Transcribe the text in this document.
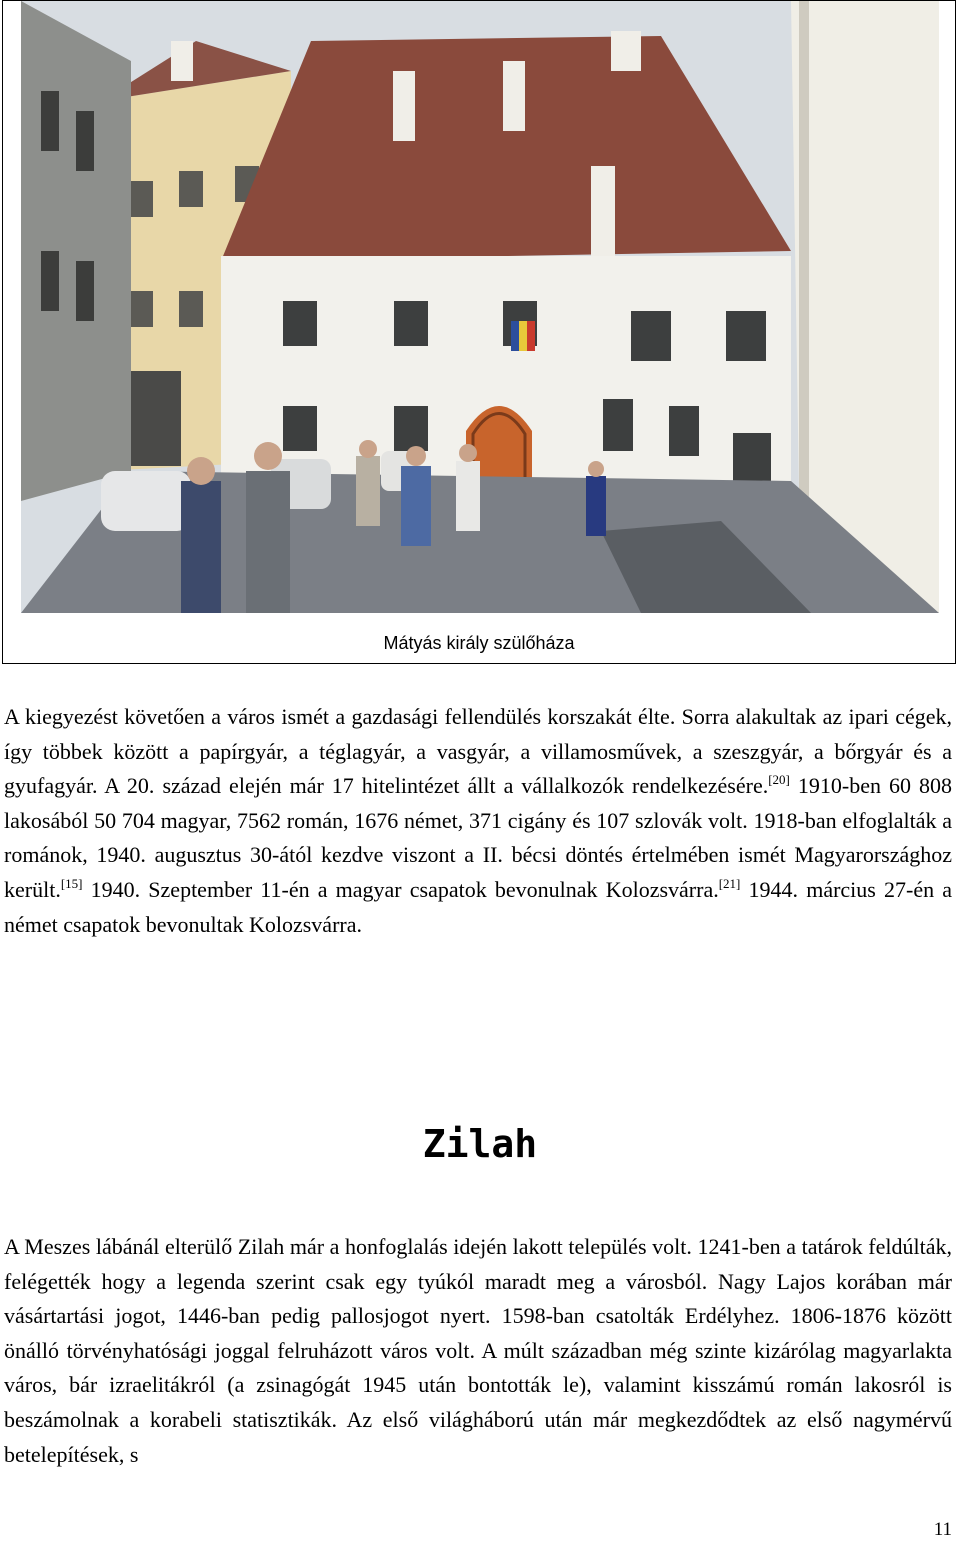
Mátyás király szülőháza

A kiegyezést követően a város ismét a gazdasági fellendülés korszakát élte. Sorra alakultak az ipari cégek, így többek között a papírgyár, a téglagyár, a vasgyár, a villamosművek, a szeszgyár, a bőrgyár és a gyufagyár. A 20. század elején már 17 hitelintézet állt a vállalkozók rendelkezésére.[20] 1910-ben 60 808 lakosából 50 704 magyar, 7562 román, 1676 német, 371 cigány és 107 szlovák volt. 1918-ban elfoglalták a románok, 1940. augusztus 30-ától kezdve viszont a II. bécsi döntés értelmében ismét Magyarországhoz került.[15] 1940. Szeptember 11-én a magyar csapatok bevonulnak Kolozsvárra.[21] 1944. március 27-én a német csapatok bevonultak Kolozsvárra.

Zilah

A Meszes lábánál elterülő Zilah már a honfoglalás idején lakott település volt. 1241-ben a tatárok feldúlták, felégették hogy a legenda szerint csak egy tyúkól maradt meg a városból. Nagy Lajos korában már vásártartási jogot, 1446-ban pedig pallosjogot nyert. 1598-ban csatolták Erdélyhez. 1806-1876 között önálló törvényhatósági joggal felruházott város volt. A múlt században még szinte kizárólag magyarlakta város, bár izraelitákról (a zsinagógát 1945 után bontották le), valamint kisszámú román lakosról is beszámolnak a korabeli statisztikák. Az első világháború után már megkezdődtek az első nagymérvű betelepítések, s

11
